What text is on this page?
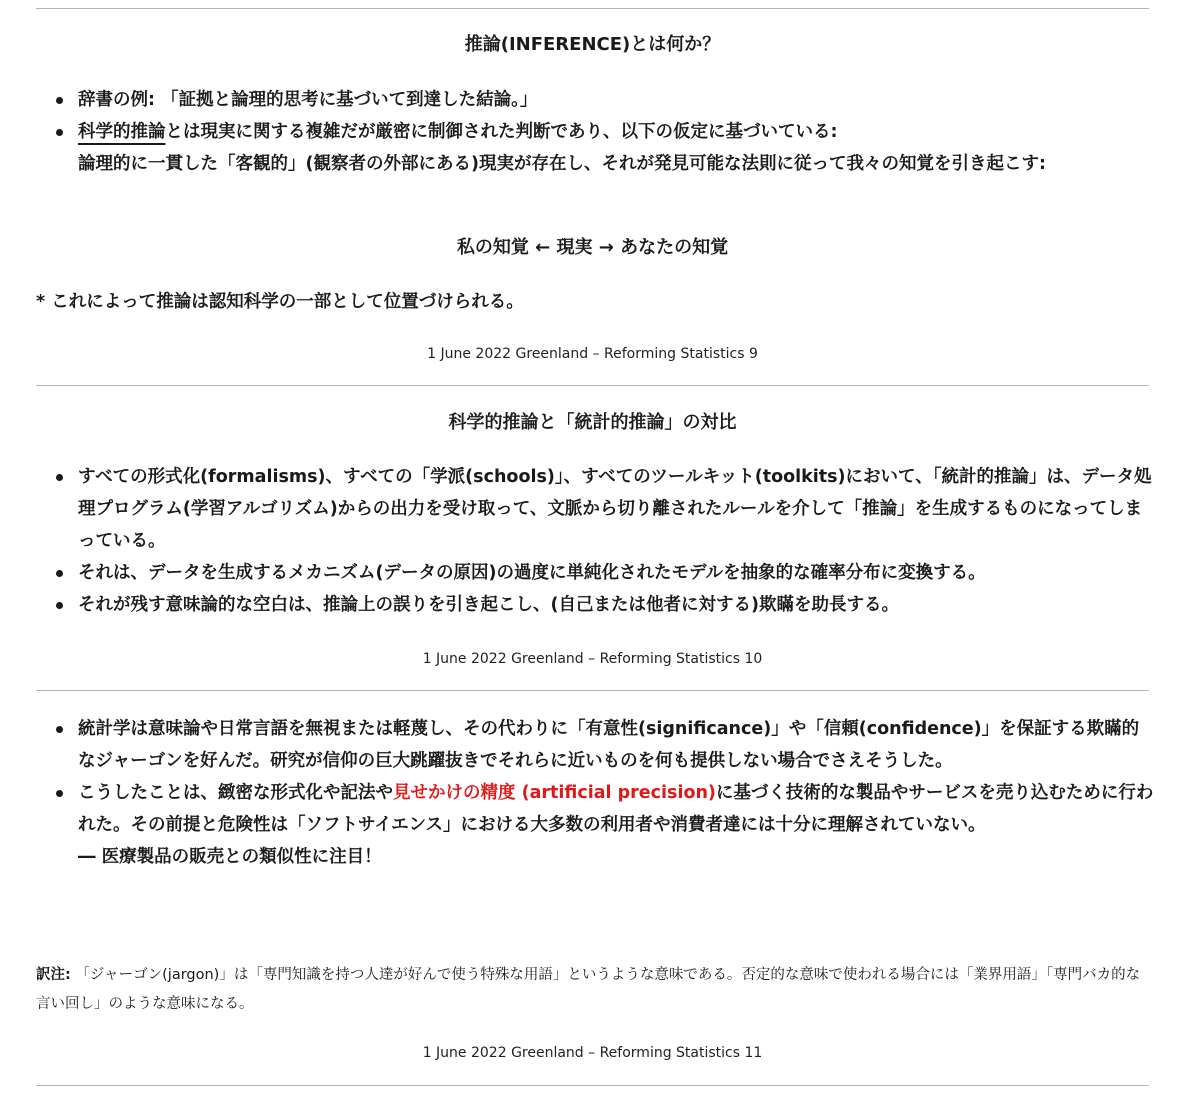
推論(INFERENCE)とは何か？
辞書の例: 「証拠と論理的思考に基づいて到達した結論。」
科学的推論とは現実に関する複雑だが厳密に制御された判断であり、以下の仮定に基づいている:
論理的に一貫した「客観的」(観察者の外部にある)現実が存在し、それが発見可能な法則に従って我々の知覚を引き起こす:
私の知覚 ← 現実 → あなたの知覚
* これによって推論は認知科学の一部として位置づけられる。
1 June 2022 Greenland – Reforming Statistics 9
科学的推論と「統計的推論」の対比
すべての形式化(formalisms)、すべての「学派(schools)」、すべてのツールキット(toolkits)において、「統計的推論」は、データ処理プログラム(学習アルゴリズム)からの出力を受け取って、文脈から切り離されたルールを介して「推論」を生成するものになってしまっている。
それは、データを生成するメカニズム(データの原因)の過度に単純化されたモデルを抽象的な確率分布に変換する。
それが残す意味論的な空白は、推論上の誤りを引き起こし、(自己または他者に対する)欺瞞を助長する。
1 June 2022 Greenland – Reforming Statistics 10
統計学は意味論や日常言語を無視または軽蔑し、その代わりに「有意性(significance)」や「信頼(confidence)」を保証する欺瞞的なジャーゴンを好んだ。研究が信仰の巨大跳躍抜きでそれらに近いものを何も提供しない場合でさえそうした。
こうしたことは、緻密な形式化や記法や見せかけの精度 (artificial precision)に基づく技術的な製品やサービスを売り込むために行われた。その前提と危険性は「ソフトサイエンス」における大多数の利用者や消費者達には十分に理解されていない。
― 医療製品の販売との類似性に注目！
訳注: 「ジャーゴン(jargon)」は「専門知識を持つ人達が好んで使う特殊な用語」というような意味である。否定的な意味で使われる場合には「業界用語」「専門バカ的な言い回し」のような意味になる。
1 June 2022 Greenland – Reforming Statistics 11
